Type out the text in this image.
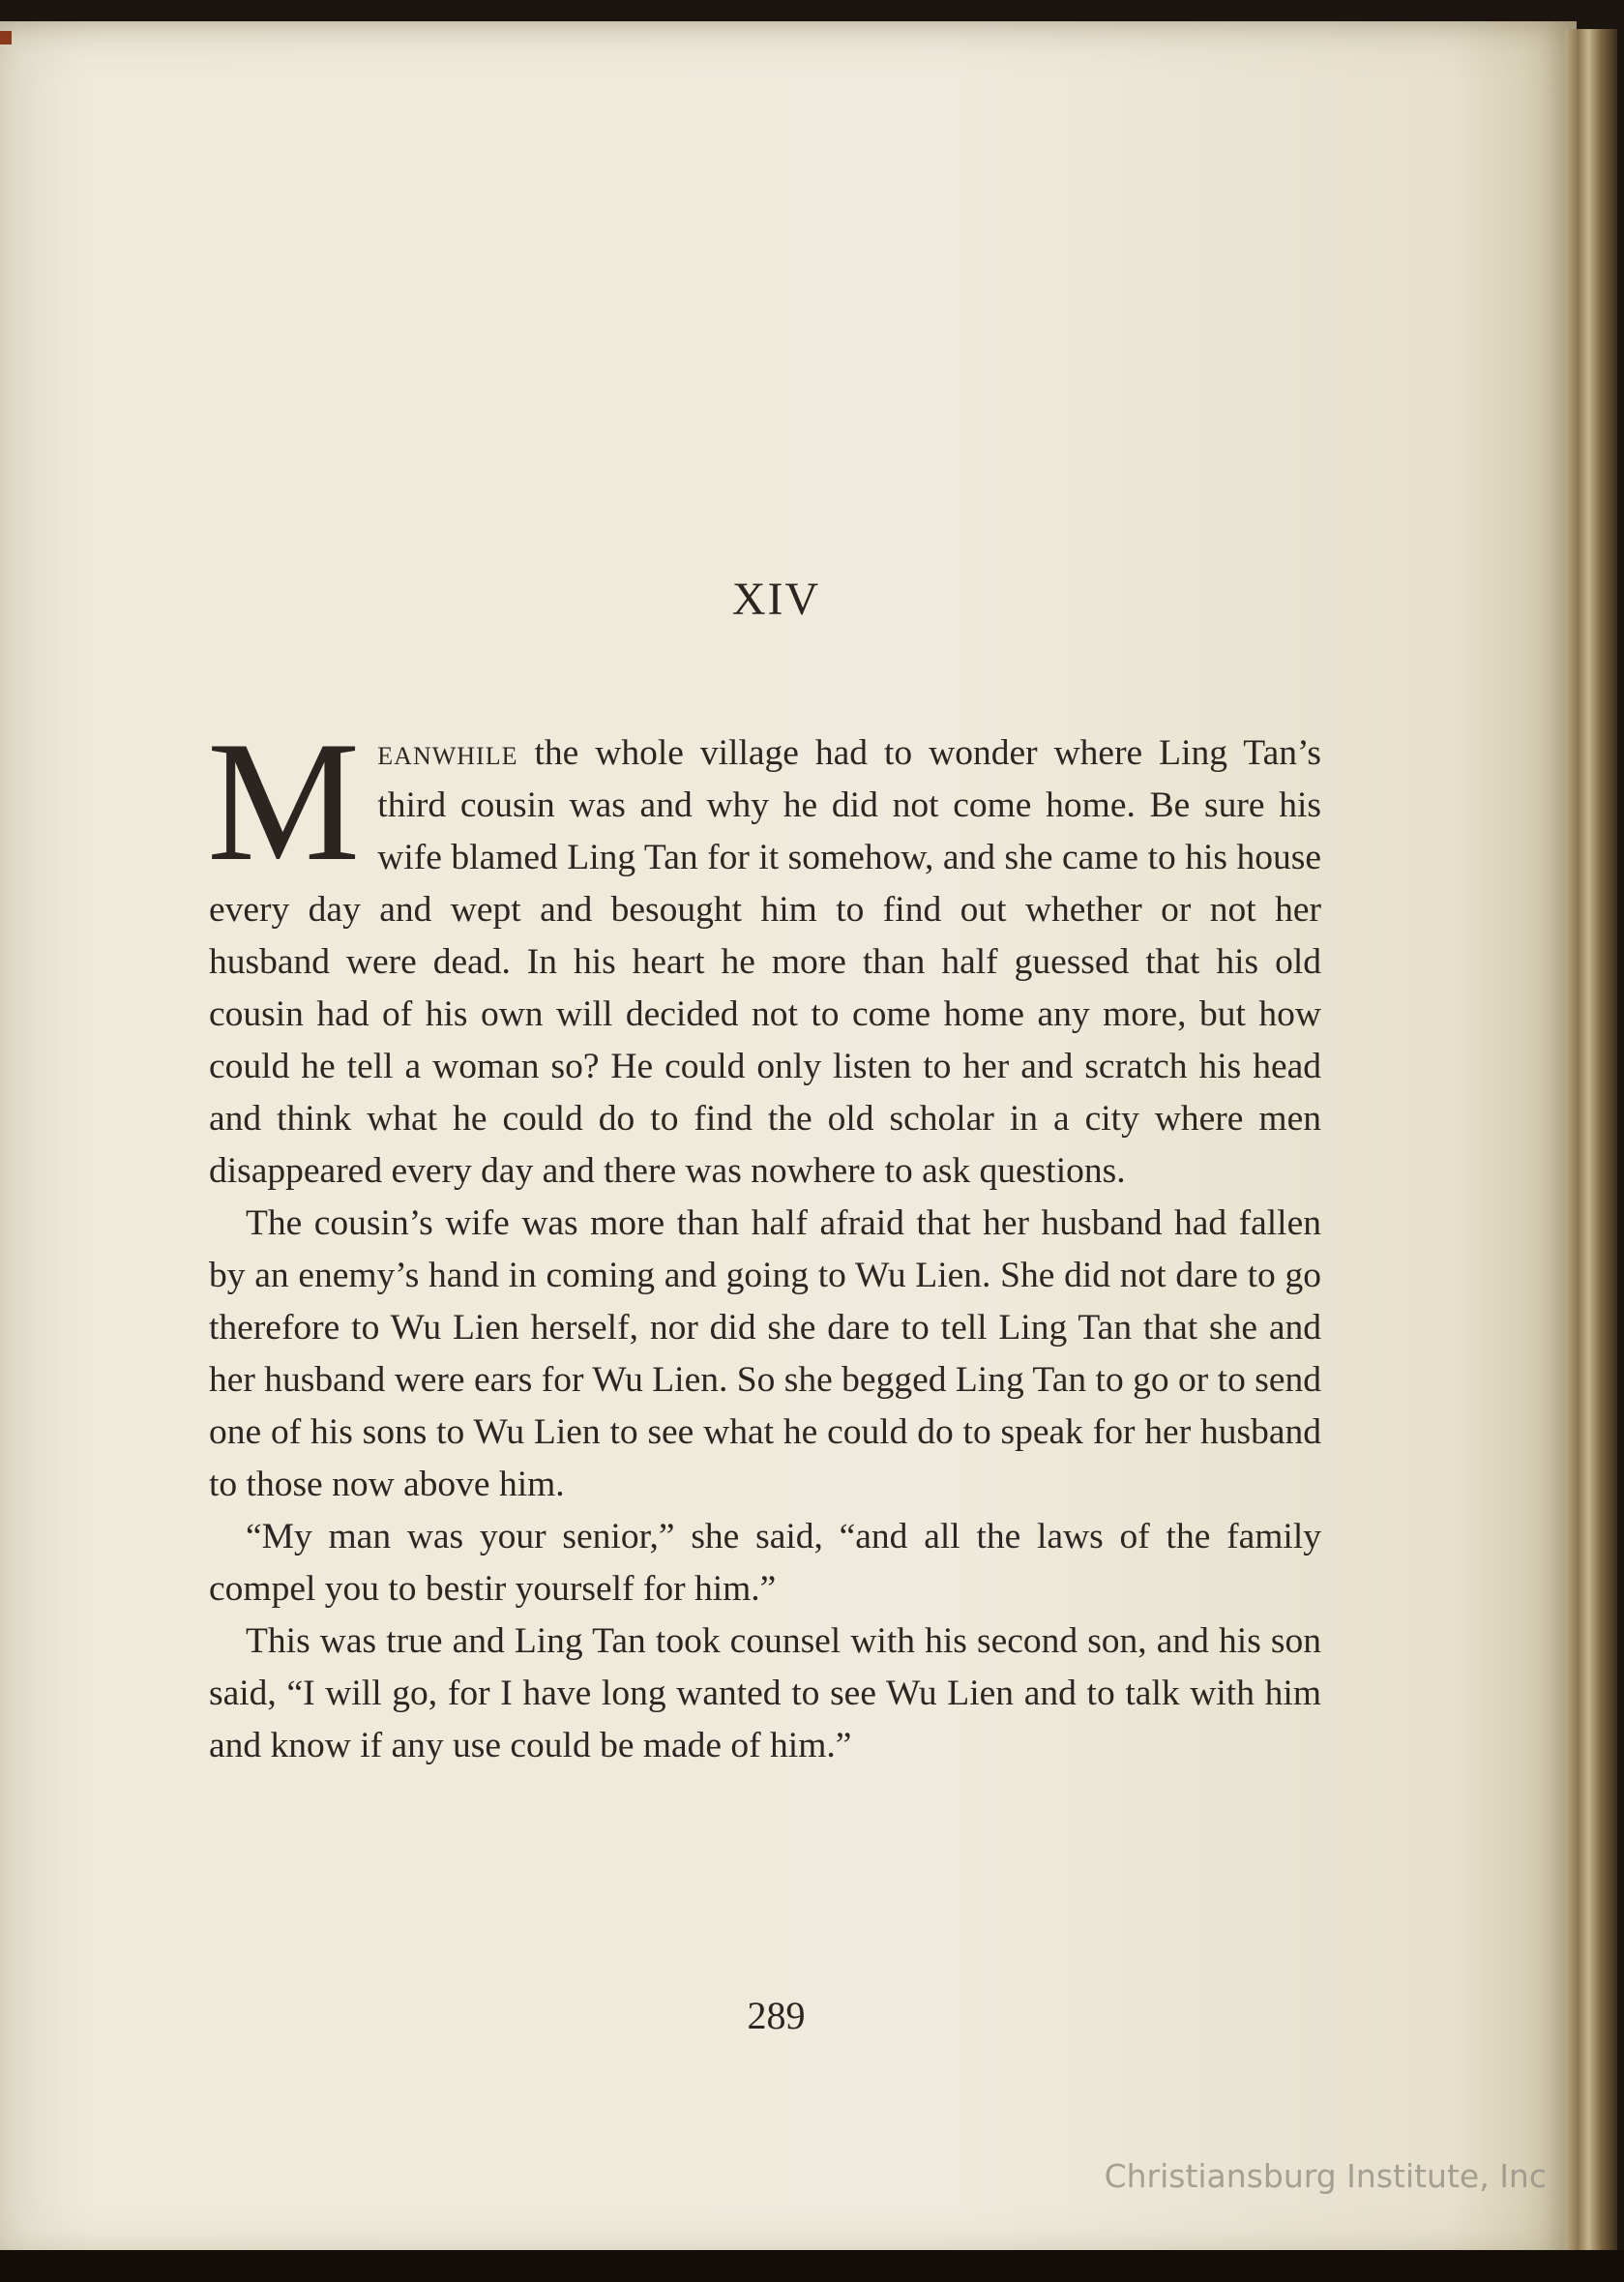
XIV

Meanwhile the whole village had to wonder where Ling Tan’s third cousin was and why he did not come home. Be sure his wife blamed Ling Tan for it somehow, and she came to his house every day and wept and besought him to find out whether or not her husband were dead. In his heart he more than half guessed that his old cousin had of his own will decided not to come home any more, but how could he tell a woman so? He could only listen to her and scratch his head and think what he could do to find the old scholar in a city where men disappeared every day and there was nowhere to ask questions.

The cousin’s wife was more than half afraid that her husband had fallen by an enemy’s hand in coming and going to Wu Lien. She did not dare to go therefore to Wu Lien herself, nor did she dare to tell Ling Tan that she and her husband were ears for Wu Lien. So she begged Ling Tan to go or to send one of his sons to Wu Lien to see what he could do to speak for her husband to those now above him.

“My man was your senior,” she said, “and all the laws of the family compel you to bestir yourself for him.”

This was true and Ling Tan took counsel with his second son, and his son said, “I will go, for I have long wanted to see Wu Lien and to talk with him and know if any use could be made of him.”

289
Christiansburg Institute, Inc
